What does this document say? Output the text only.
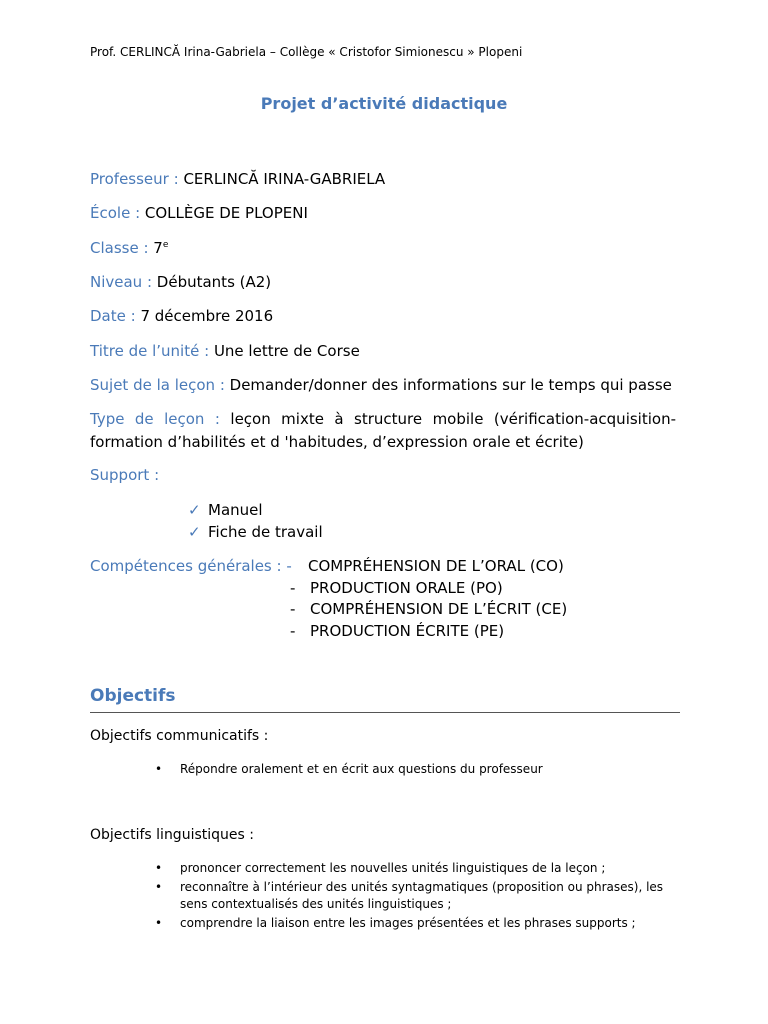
Prof. CERLINCĂ Irina-Gabriela – Collège « Cristofor Simionescu » Plopeni
Projet d’activité didactique
Professeur : CERLINCĂ IRINA-GABRIELA
École : COLLÈGE DE PLOPENI
Classe : 7e
Niveau : Débutants (A2)
Date : 7 décembre 2016
Titre de l’unité : Une lettre de Corse
Sujet de la leçon : Demander/donner des informations sur le temps qui passe
Type de leçon : leçon mixte à structure mobile (vérification-acquisition-formation d’habilités et d 'habitudes, d’expression orale et écrite)
Support :
✓ Manuel
✓ Fiche de travail
Compétences générales : - COMPRÉHENSION DE L’ORAL (CO)
- PRODUCTION ORALE (PO)
- COMPRÉHENSION DE L’ÉCRIT (CE)
- PRODUCTION ÉCRITE (PE)
Objectifs
Objectifs communicatifs :
• Répondre oralement et en écrit aux questions du professeur
Objectifs linguistiques :
• prononcer correctement les nouvelles unités linguistiques de la leçon ;
• reconnaître à l’intérieur des unités syntagmatiques (proposition ou phrases), les sens contextualisés des unités linguistiques ;
• comprendre la liaison entre les images présentées et les phrases supports ;
